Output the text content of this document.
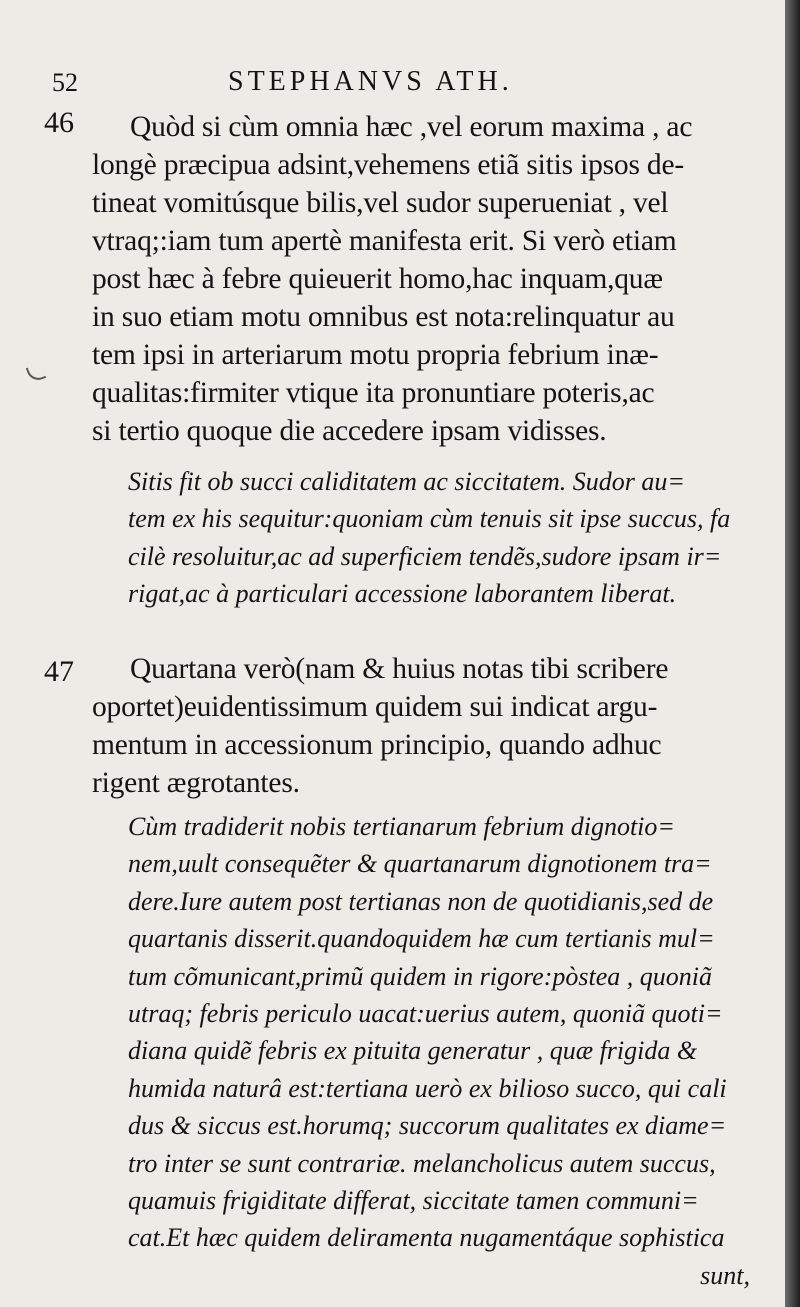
52	STEPHANVS ATH.
46	Quòd si cùm omnia hæc ,vel eorum maxima , ac
longè præcipua adsint,vehemens etiã sitis ipsos de-
tineat vomitúsque bilis,vel sudor superueniat , vel
vtraq;:iam tum apertè manifesta erit. Si verò etiam
post hæc à febre quieuerit homo,hac inquam,quæ
in suo etiam motu omnibus est nota:relinquatur au
tem ipsi in arteriarum motu propria febrium inæ-
qualitas:firmiter vtique ita pronuntiare poteris,ac
si tertio quoque die accedere ipsam vidisses.
Sitis fit ob succi caliditatem ac siccitatem. Sudor au=
tem ex his sequitur:quoniam cùm tenuis sit ipse succus, fa
cilè resoluitur,ac ad superficiem tendẽs,sudore ipsam ir=
rigat,ac à particulari accessione laborantem liberat.
47	Quartana verò(nam & huius notas tibi scribere
oportet)euidentissimum quidem sui indicat argu-
mentum in accessionum principio, quando adhuc
rigent ægrotantes.
Cùm tradiderit nobis tertianarum febrium dignotio=
nem,uult consequẽter & quartanarum dignotionem tra=
dere.Iure autem post tertianas non de quotidianis,sed de
quartanis disserit.quandoquidem hæ cum tertianis mul=
tum cõmunicant,primũ quidem in rigore:pòstea , quoniã
utraq; febris periculo uacat:uerius autem, quoniã quoti=
diana quidẽ febris ex pituita generatur , quæ frigida &
humida naturâ est:tertiana uerò ex bilioso succo, qui cali
dus & siccus est.horumq; succorum qualitates ex diame=
tro inter se sunt contrariæ. melancholicus autem succus,
quamuis frigiditate differat, siccitate tamen communi=
cat.Et hæc quidem deliramenta nugamentáque sophistica
sunt,
